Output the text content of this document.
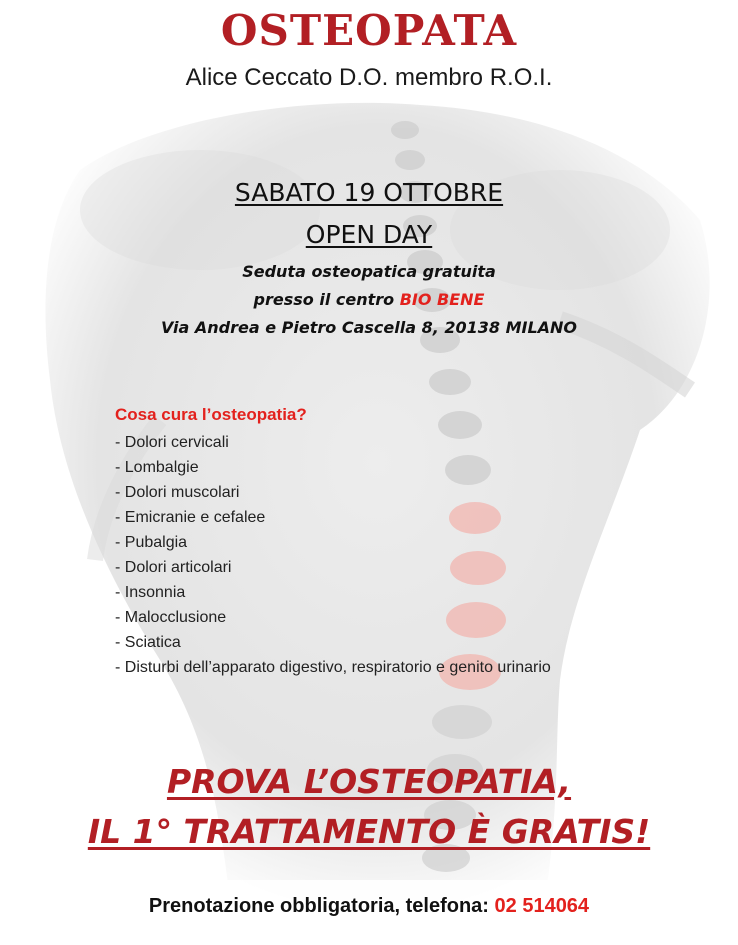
OSTEOPATA
Alice Ceccato D.O. membro R.O.I.
SABATO 19 OTTOBRE
OPEN DAY
Seduta osteopatica gratuita
presso il centro BIO BENE
Via Andrea e Pietro Cascella 8, 20138 MILANO
Cosa cura l’osteopatia?
- Dolori cervicali
- Lombalgie
- Dolori muscolari
- Emicranie e cefalee
- Pubalgia
- Dolori articolari
- Insonnia
- Malocclusione
- Sciatica
- Disturbi dell’apparato digestivo, respiratorio e genito urinario
PROVA L’OSTEOPATIA,
IL 1° TRATTAMENTO È GRATIS!
Prenotazione obbligatoria, telefona: 02 514064
